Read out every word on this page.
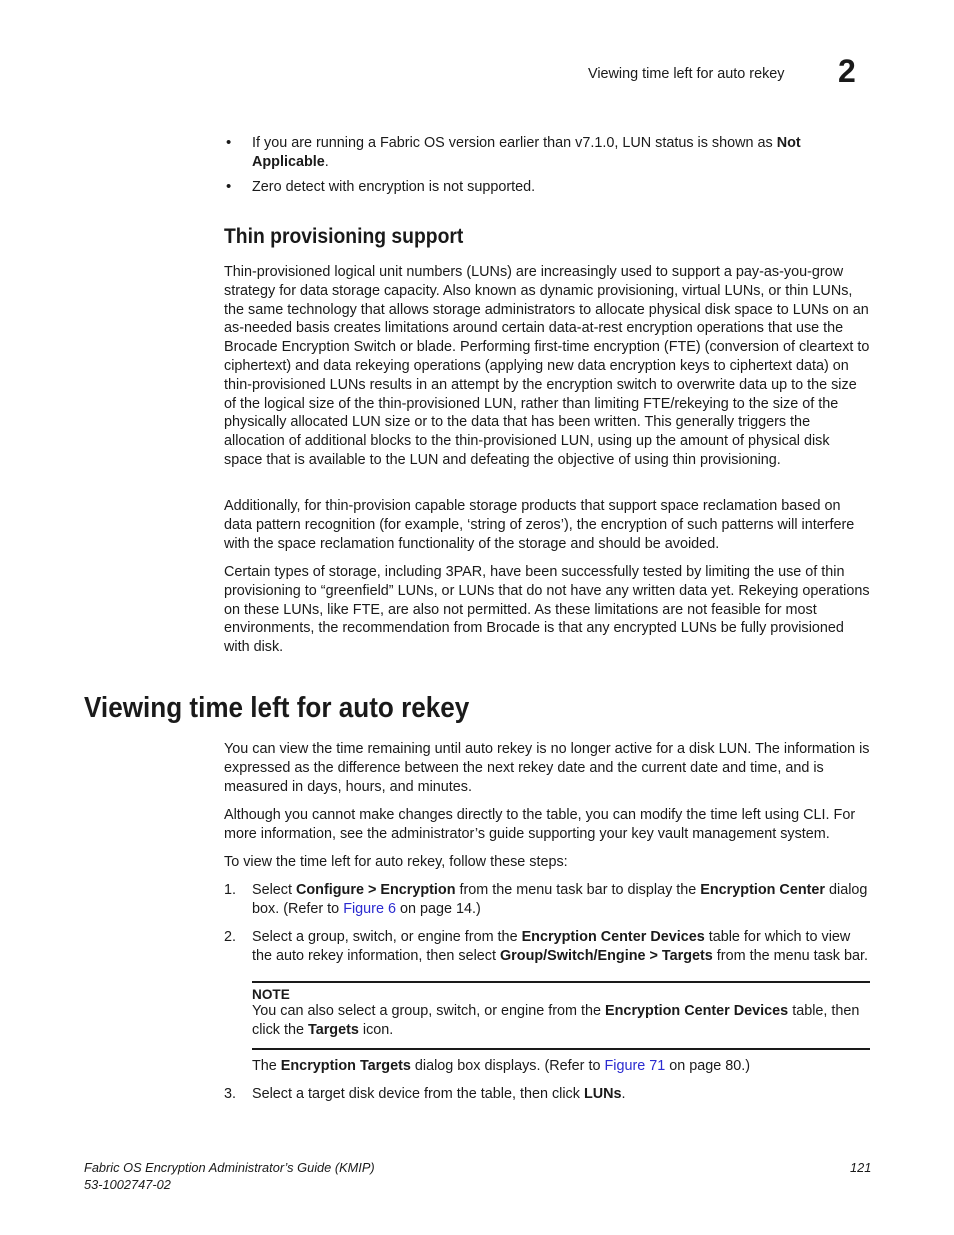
Viewing time left for auto rekey 2
• If you are running a Fabric OS version earlier than v7.1.0, LUN status is shown as Not Applicable.
• Zero detect with encryption is not supported.
Thin provisioning support

Thin-provisioned logical unit numbers (LUNs) are increasingly used to support a pay-as-you-grow strategy for data storage capacity. Also known as dynamic provisioning, virtual LUNs, or thin LUNs, the same technology that allows storage administrators to allocate physical disk space to LUNs on an as-needed basis creates limitations around certain data-at-rest encryption operations that use the Brocade Encryption Switch or blade. Performing first-time encryption (FTE) (conversion of cleartext to ciphertext) and data rekeying operations (applying new data encryption keys to ciphertext data) on thin-provisioned LUNs results in an attempt by the encryption switch to overwrite data up to the size of the logical size of the thin-provisioned LUN, rather than limiting FTE/rekeying to the size of the physically allocated LUN size or to the data that has been written. This generally triggers the allocation of additional blocks to the thin-provisioned LUN, using up the amount of physical disk space that is available to the LUN and defeating the objective of using thin provisioning.

Additionally, for thin-provision capable storage products that support space reclamation based on data pattern recognition (for example, ‘string of zeros’), the encryption of such patterns will interfere with the space reclamation functionality of the storage and should be avoided.

Certain types of storage, including 3PAR, have been successfully tested by limiting the use of thin provisioning to “greenfield” LUNs, or LUNs that do not have any written data yet. Rekeying operations on these LUNs, like FTE, are also not permitted. As these limitations are not feasible for most environments, the recommendation from Brocade is that any encrypted LUNs be fully provisioned with disk.

Viewing time left for auto rekey

You can view the time remaining until auto rekey is no longer active for a disk LUN. The information is expressed as the difference between the next rekey date and the current date and time, and is measured in days, hours, and minutes.

Although you cannot make changes directly to the table, you can modify the time left using CLI. For more information, see the administrator’s guide supporting your key vault management system.

To view the time left for auto rekey, follow these steps:

1. Select Configure > Encryption from the menu task bar to display the Encryption Center dialog box. (Refer to Figure 6 on page 14.)
2. Select a group, switch, or engine from the Encryption Center Devices table for which to view the auto rekey information, then select Group/Switch/Engine > Targets from the menu task bar.
NOTE
You can also select a group, switch, or engine from the Encryption Center Devices table, then click the Targets icon.
The Encryption Targets dialog box displays. (Refer to Figure 71 on page 80.)
3. Select a target disk device from the table, then click LUNs.
Fabric OS Encryption Administrator’s Guide (KMIP)
53-1002747-02
121
